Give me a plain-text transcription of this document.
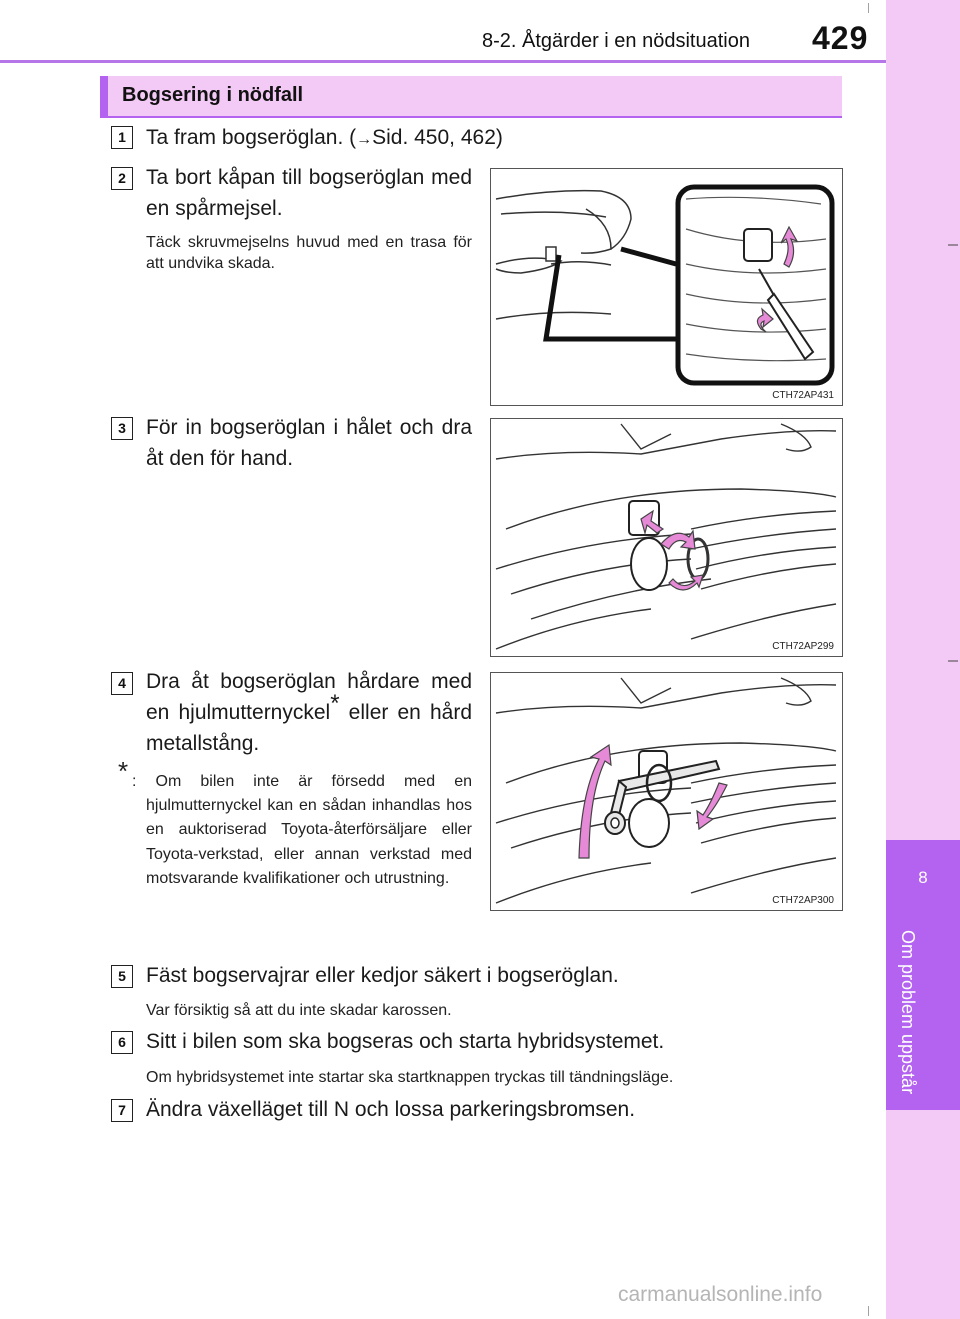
8-2. Åtgärder i en nödsituation 429
8
Om problem uppstår
Bogsering i nödfall
1 Ta fram bogseröglan. (→Sid. 450, 462)
2 Ta bort kåpan till bogseröglan med en spårmejsel.
Täck skruvmejselns huvud med en trasa för att undvika skada.
CTH72AP431
3 För in bogseröglan i hålet och dra åt den för hand.
CTH72AP299
4 Dra åt bogseröglan hårdare med en hjulmutternyckel* eller en hård metallstång.
* : Om bilen inte är försedd med en hjulmutternyckel kan en sådan inhandlas hos en auktoriserad Toyota-återförsäljare eller Toyota-verkstad, eller annan verkstad med motsvarande kvalifikationer och utrustning.
CTH72AP300
5 Fäst bogservajrar eller kedjor säkert i bogseröglan.
Var försiktig så att du inte skadar karossen.
6 Sitt i bilen som ska bogseras och starta hybridsystemet.
Om hybridsystemet inte startar ska startknappen tryckas till tändningsläge.
7 Ändra växelläget till N och lossa parkeringsbromsen.
carmanualsonline.info
